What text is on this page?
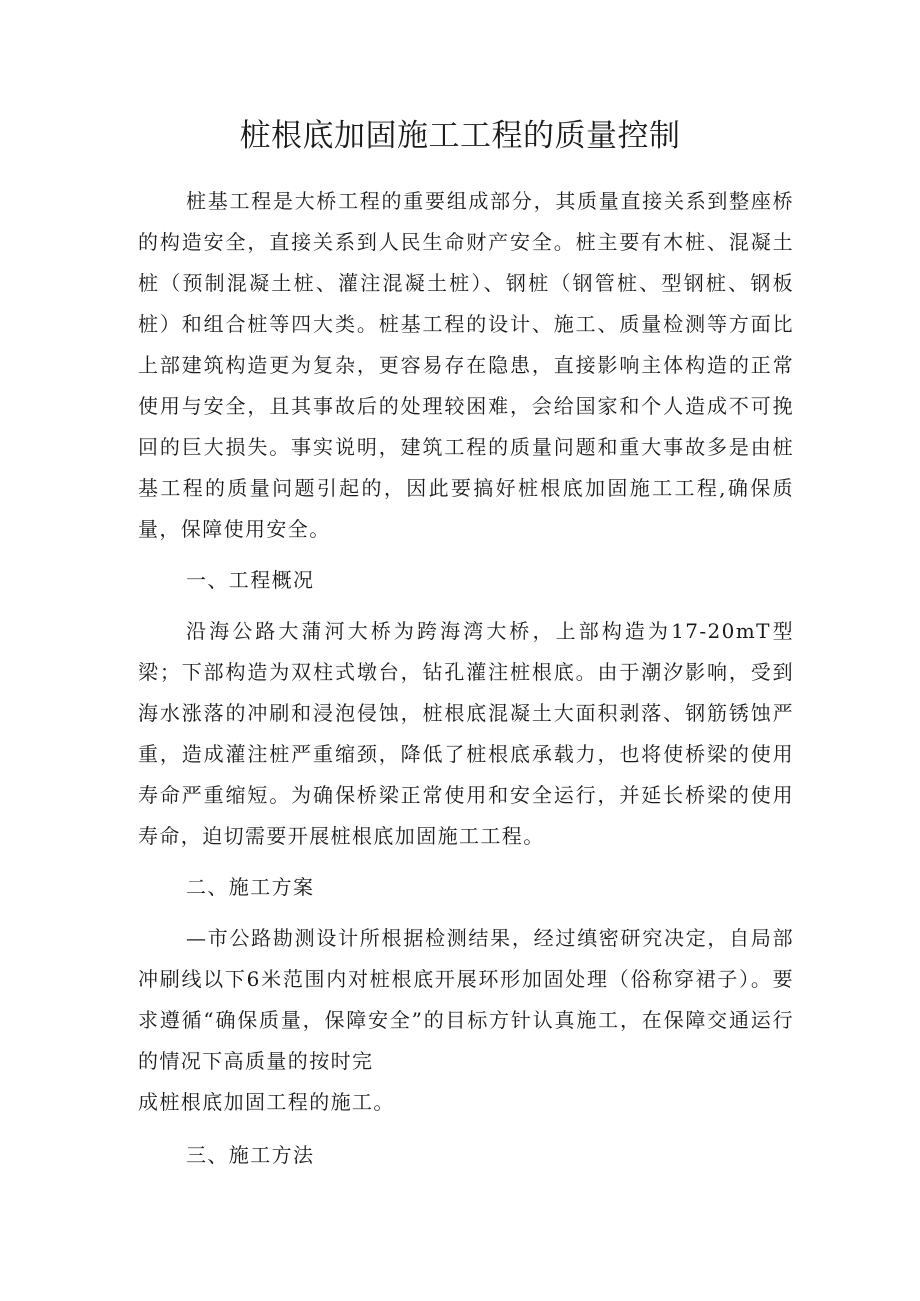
桩根底加固施工工程的质量控制

桩基工程是大桥工程的重要组成部分，其质量直接关系到整座桥的构造安全，直接关系到人民生命财产安全。桩主要有木桩、混凝土桩（预制混凝土桩、灌注混凝土桩）、钢桩（钢管桩、型钢桩、钢板桩）和组合桩等四大类。桩基工程的设计、施工、质量检测等方面比上部建筑构造更为复杂，更容易存在隐患，直接影响主体构造的正常使用与安全，且其事故后的处理较困难，会给国家和个人造成不可挽回的巨大损失。事实说明，建筑工程的质量问题和重大事故多是由桩基工程的质量问题引起的，因此要搞好桩根底加固施工工程,确保质量，保障使用安全。

一、工程概况

沿海公路大蒲河大桥为跨海湾大桥，上部构造为17-20mT型梁；下部构造为双柱式墩台，钻孔灌注桩根底。由于潮汐影响，受到海水涨落的冲刷和浸泡侵蚀，桩根底混凝土大面积剥落、钢筋锈蚀严重，造成灌注桩严重缩颈，降低了桩根底承载力，也将使桥梁的使用寿命严重缩短。为确保桥梁正常使用和安全运行，并延长桥梁的使用寿命，迫切需要开展桩根底加固施工工程。

二、施工方案

—市公路勘测设计所根据检测结果，经过缜密研究决定，自局部冲刷线以下6米范围内对桩根底开展环形加固处理（俗称穿裙子）。要求遵循“确保质量，保障安全”的目标方针认真施工，在保障交通运行的情况下高质量的按时完

成桩根底加固工程的施工。

三、施工方法
